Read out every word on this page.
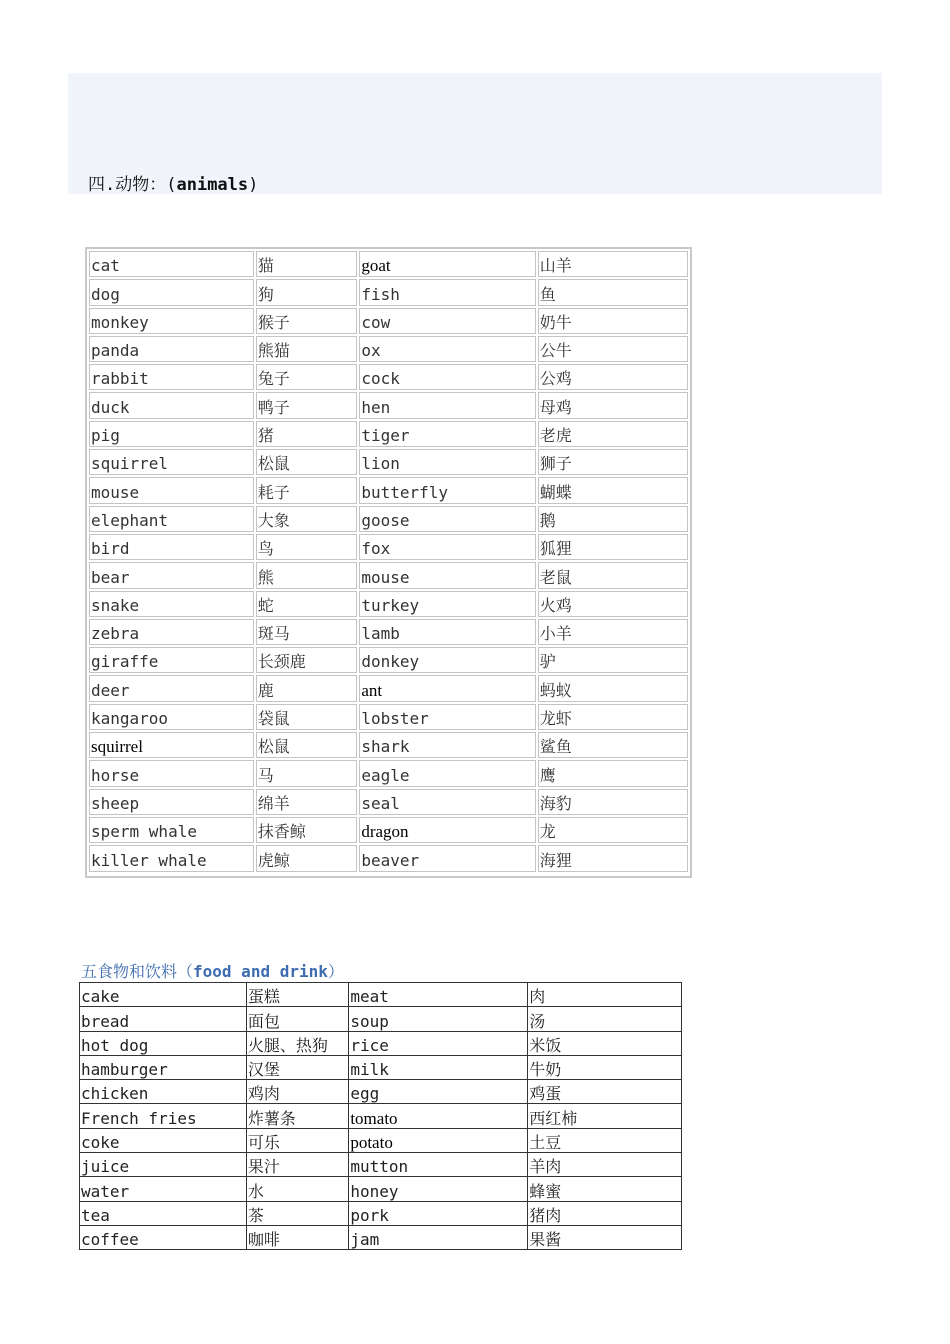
四.动物：(animals)
cat	猫	goat	山羊
dog	狗	fish	鱼
monkey	猴子	cow	奶牛
panda	熊猫	ox	公牛
rabbit	兔子	cock	公鸡
duck	鸭子	hen	母鸡
pig	猪	tiger	老虎
squirrel	松鼠	lion	狮子
mouse	耗子	butterfly	蝴蝶
elephant	大象	goose	鹅
bird	鸟	fox	狐狸
bear	熊	mouse	老鼠
snake	蛇	turkey	火鸡
zebra	斑马	lamb	小羊
giraffe	长颈鹿	donkey	驴
deer	鹿	ant	蚂蚁
kangaroo	袋鼠	lobster	龙虾
squirrel	松鼠	shark	鲨鱼
horse	马	eagle	鹰
sheep	绵羊	seal	海豹
sperm whale	抹香鲸	dragon	龙
killer whale	虎鲸	beaver	海狸
五食物和饮料（food and drink）
cake	蛋糕	meat	肉
bread	面包	soup	汤
hot dog	火腿、热狗	rice	米饭
hamburger	汉堡	milk	牛奶
chicken	鸡肉	egg	鸡蛋
French fries	炸薯条	tomato	西红柿
coke	可乐	potato	土豆
juice	果汁	mutton	羊肉
water	水	honey	蜂蜜
tea	茶	pork	猪肉
coffee	咖啡	jam	果酱
